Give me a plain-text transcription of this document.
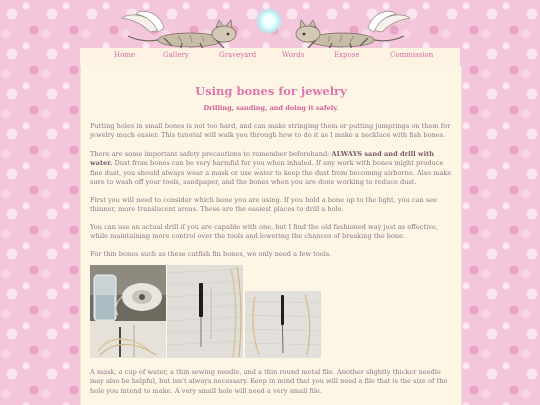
Home	Gallery	Graveyard	Words	Expose	Commission
Using bones for jewelry
Drilling, sanding, and doing it safely.

Putting holes in small bones is not too hard, and can make stringing them or putting jumprings on them for jewelry much easier. This tutorial will walk you through how to do it as I make a necklace with fish bones.

There are some important safety precautions to remember beforehand: ALWAYS sand and drill with water. Dust from bones can be very harmful for you when inhaled. If any work with bones might produce fine dust, you should always wear a mask or use water to keep the dust from becoming airborne. Also make sure to wash off your tools, sandpaper, and the bones when you are done working to reduce dust.

First you will need to consider which bone you are using. If you hold a bone up to the light, you can see thinner, more translucent areas. These are the easiest places to drill a hole.

You can use an actual drill if you are capable with one, but I find the old fashioned way just as effective, while maintaining more control over the tools and lowering the chances of breaking the bone.

For thin bones such as these catfish fin bones, we only need a few tools.

A mask, a cup of water, a thin sewing needle, and a thin round metal file. Another slightly thicker needle may also be helpful, but isn't always necessary. Keep in mind that you will need a file that is the size of the hole you intend to make. A very small hole will need a very small file.
